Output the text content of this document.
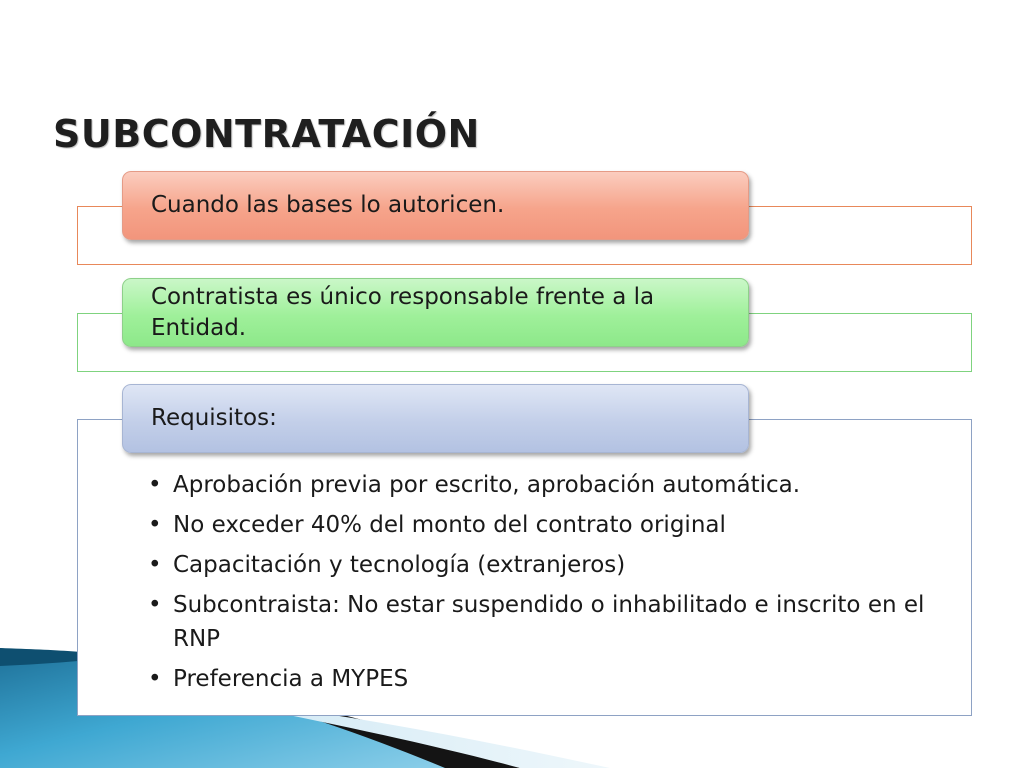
SUBCONTRATACIÓN
Cuando las bases lo autoricen.
Contratista es único responsable frente a la Entidad.
Requisitos:
• Aprobación previa por escrito, aprobación automática.
• No exceder 40% del monto del contrato original
• Capacitación y tecnología (extranjeros)
• Subcontraista: No estar suspendido o inhabilitado e inscrito en el RNP
• Preferencia a MYPES
